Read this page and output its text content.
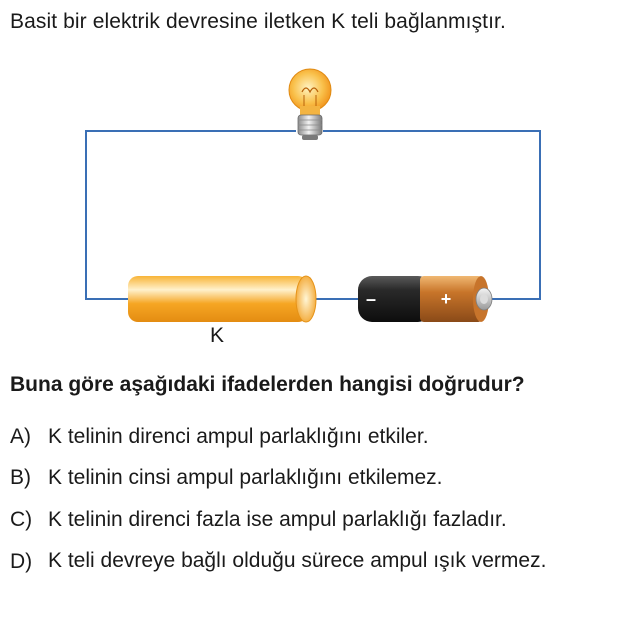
Basit bir elektrik devresine iletken K teli bağlanmıştır.
–	+
K
Buna göre aşağıdaki ifadelerden hangisi doğrudur?
A) K telinin direnci ampul parlaklığını etkiler.
B) K telinin cinsi ampul parlaklığını etkilemez.
C) K telinin direnci fazla ise ampul parlaklığı fazladır.
D) K teli devreye bağlı olduğu sürece ampul ışık vermez.
